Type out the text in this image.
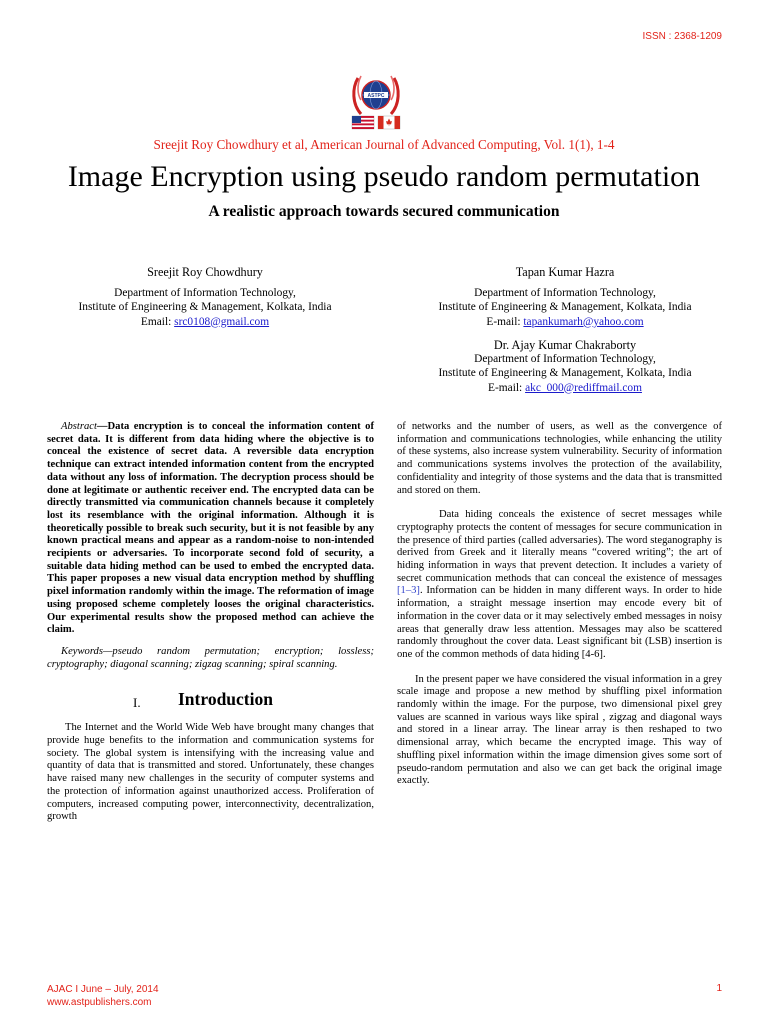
ISSN : 2368-1209
ASTPC
Sreejit Roy Chowdhury et al, American Journal of Advanced Computing, Vol. 1(1), 1-4
Image Encryption using pseudo random permutation
A realistic approach towards secured communication
Sreejit Roy Chowdhury
Department of Information Technology,
Institute of Engineering & Management, Kolkata, India
Email: src0108@gmail.com
Tapan Kumar Hazra
Department of Information Technology,
Institute of Engineering & Management, Kolkata, India
E-mail: tapankumarh@yahoo.com
Dr. Ajay Kumar Chakraborty
Department of Information Technology,
Institute of Engineering & Management, Kolkata, India
E-mail: akc_000@rediffmail.com

Abstract—Data encryption is to conceal the information content of secret data. It is different from data hiding where the objective is to conceal the existence of secret data. A reversible data encryption technique can extract intended information content from the encrypted data without any loss of information. The decryption process should be done at legitimate or authentic receiver end. The encrypted data can be directly transmitted via communication channels because it completely lost its resemblance with the original information. Although it is theoretically possible to break such security, but it is not feasible by any known practical means and appear as a random-noise to non-intended recipients or adversaries. To incorporate second fold of security, a suitable data hiding method can be used to embed the encrypted data. This paper proposes a new visual data encryption method by shuffling pixel information randomly within the image. The reformation of image using proposed scheme completely looses the original characteristics. Our experimental results show the proposed method can achieve the claim.

Keywords—pseudo random permutation; encryption; lossless; cryptography; diagonal scanning; zigzag scanning; spiral scanning.

I. Introduction

The Internet and the World Wide Web have brought many changes that provide huge benefits to the information and communication systems for society. The global system is intensifying with the increasing value and quantity of data that is transmitted and stored. Unfortunately, these changes have raised many new challenges in the security of computer systems and the protection of information against unauthorized access. Proliferation of computers, increased computing power, interconnectivity, decentralization, growth

of networks and the number of users, as well as the convergence of information and communications technologies, while enhancing the utility of these systems, also increase system vulnerability. Security of information and communications systems involves the protection of the availability, confidentiality and integrity of those systems and the data that is transmitted and stored on them.

Data hiding conceals the existence of secret messages while cryptography protects the content of messages for secure communication in the presence of third parties (called adversaries). The word steganography is derived from Greek and it literally means “covered writing”; the art of hiding information in ways that prevent detection. It includes a variety of secret communication methods that can conceal the existence of messages [1–3]. Information can be hidden in many different ways. In order to hide information, a straight message insertion may encode every bit of information in the cover data or it may selectively embed messages in noisy areas that generally draw less attention. Messages may also be scattered randomly throughout the cover data. Least significant bit (LSB) insertion is one of the common methods of data hiding [4-6].

In the present paper we have considered the visual information in a grey scale image and propose a new method by shuffling pixel information randomly within the image. For the purpose, two dimensional pixel grey values are scanned in various ways like spiral , zigzag and diagonal ways and stored in a linear array. The linear array is then reshaped to two dimensional array, which became the encrypted image. This way of shuffling pixel information within the image dimension gives some sort of pseudo-random permutation and also we can get back the original image exactly.

AJAC I June – July, 2014
www.astpublishers.com
1
